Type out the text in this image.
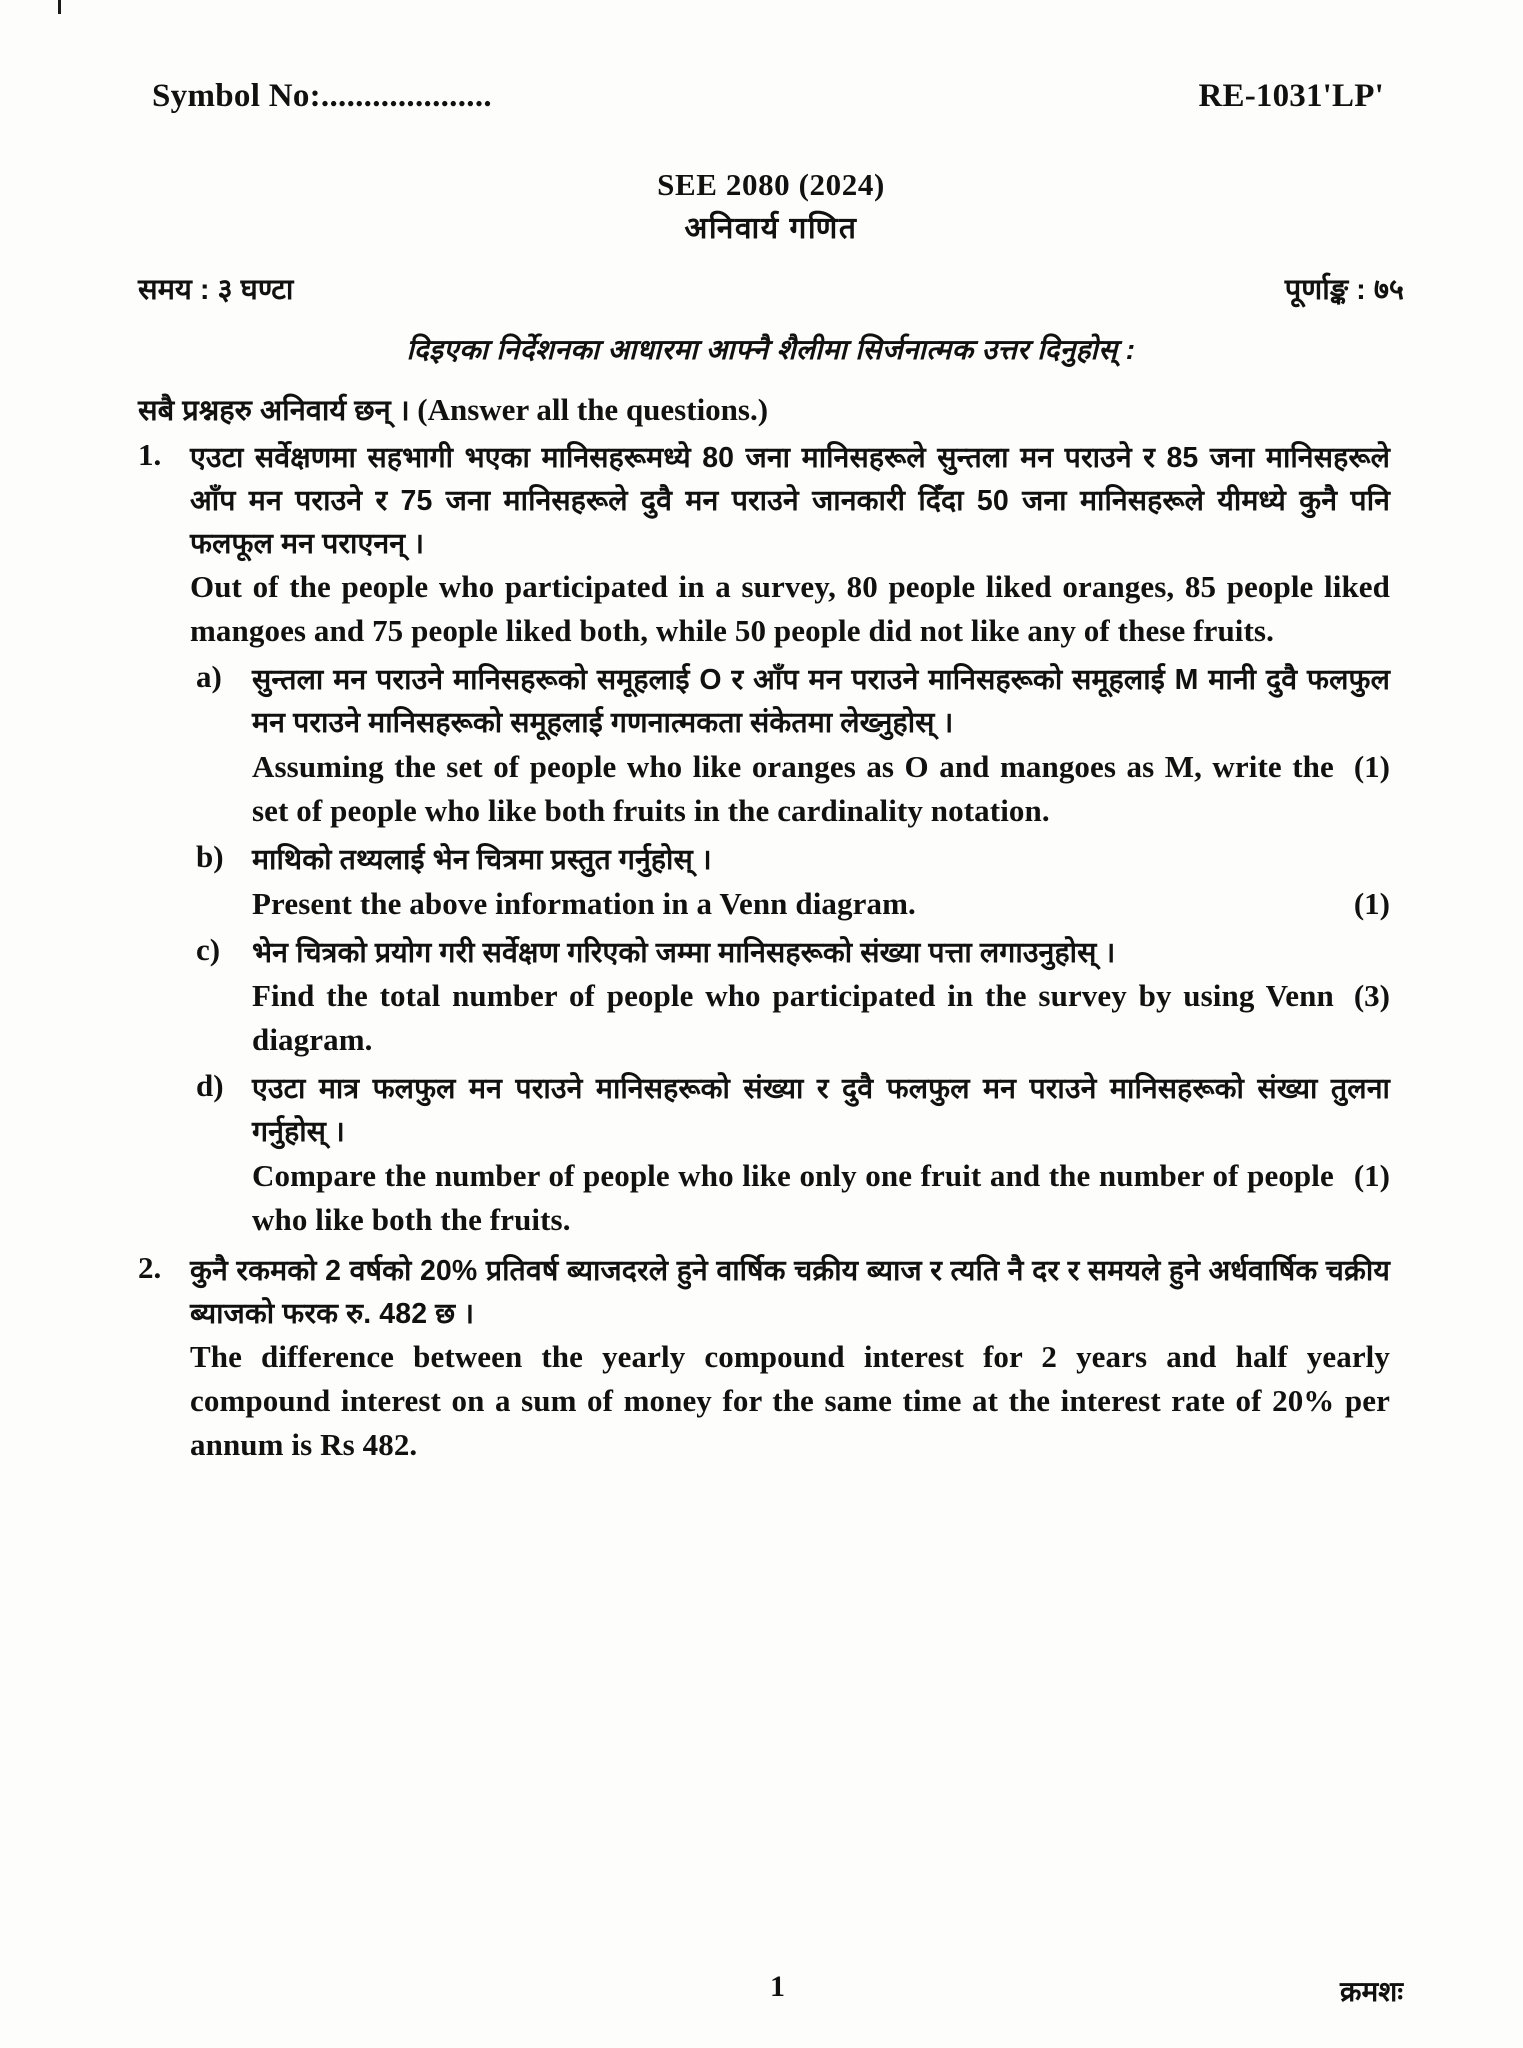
Symbol No:....................	RE-1031'LP'
SEE 2080 (2024)
अनिवार्य गणित
समय : ३ घण्टा	पूर्णाङ्क : ७५
दिइएका निर्देशनका आधारमा आफ्नै शैलीमा सिर्जनात्मक उत्तर दिनुहोस् :
सबै प्रश्नहरु अनिवार्य छन् । (Answer all the questions.)
1.	एउटा सर्वेक्षणमा सहभागी भएका मानिसहरूमध्ये 80 जना मानिसहरूले सुन्तला मन पराउने र 85 जना मानिसहरूले आँप मन पराउने र 75 जना मानिसहरूले दुवै मन पराउने जानकारी दिँदा 50 जना मानिसहरूले यीमध्ये कुनै पनि फलफूल मन पराएनन् ।
Out of the people who participated in a survey, 80 people liked oranges, 85 people liked mangoes and 75 people liked both, while 50 people did not like any of these fruits.
a)	सुन्तला मन पराउने मानिसहरूको समूहलाई O र आँप मन पराउने मानिसहरूको समूहलाई M मानी दुवै फलफुल मन पराउने मानिसहरूको समूहलाई गणनात्मकता संकेतमा लेख्नुहोस् ।
Assuming the set of people who like oranges as O and mangoes as M, write the set of people who like both fruits in the cardinality notation.
(1)
b) माथिको तथ्यलाई भेन चित्रमा प्रस्तुत गर्नुहोस् ।
Present the above information in a Venn diagram.	(1)
c)	भेन चित्रको प्रयोग गरी सर्वेक्षण गरिएको जम्मा मानिसहरूको संख्या पत्ता लगाउनुहोस् ।
Find the total number of people who participated in the survey by using Venn diagram.
(3)
d) एउटा मात्र फलफुल मन पराउने मानिसहरूको संख्या र दुवै फलफुल मन पराउने मानिसहरूको संख्या तुलना गर्नुहोस् ।
Compare the number of people who like only one fruit and the number of people who like both the fruits.
(1)
2.	कुनै रकमको 2 वर्षको 20% प्रतिवर्ष ब्याजदरले हुने वार्षिक चक्रीय ब्याज र त्यति नै दर र समयले हुने अर्धवार्षिक चक्रीय ब्याजको फरक रु. 482 छ ।
The difference between the yearly compound interest for 2 years and half yearly compound interest on a sum of money for the same time at the interest rate of 20% per annum is Rs 482.
1	क्रमशः
